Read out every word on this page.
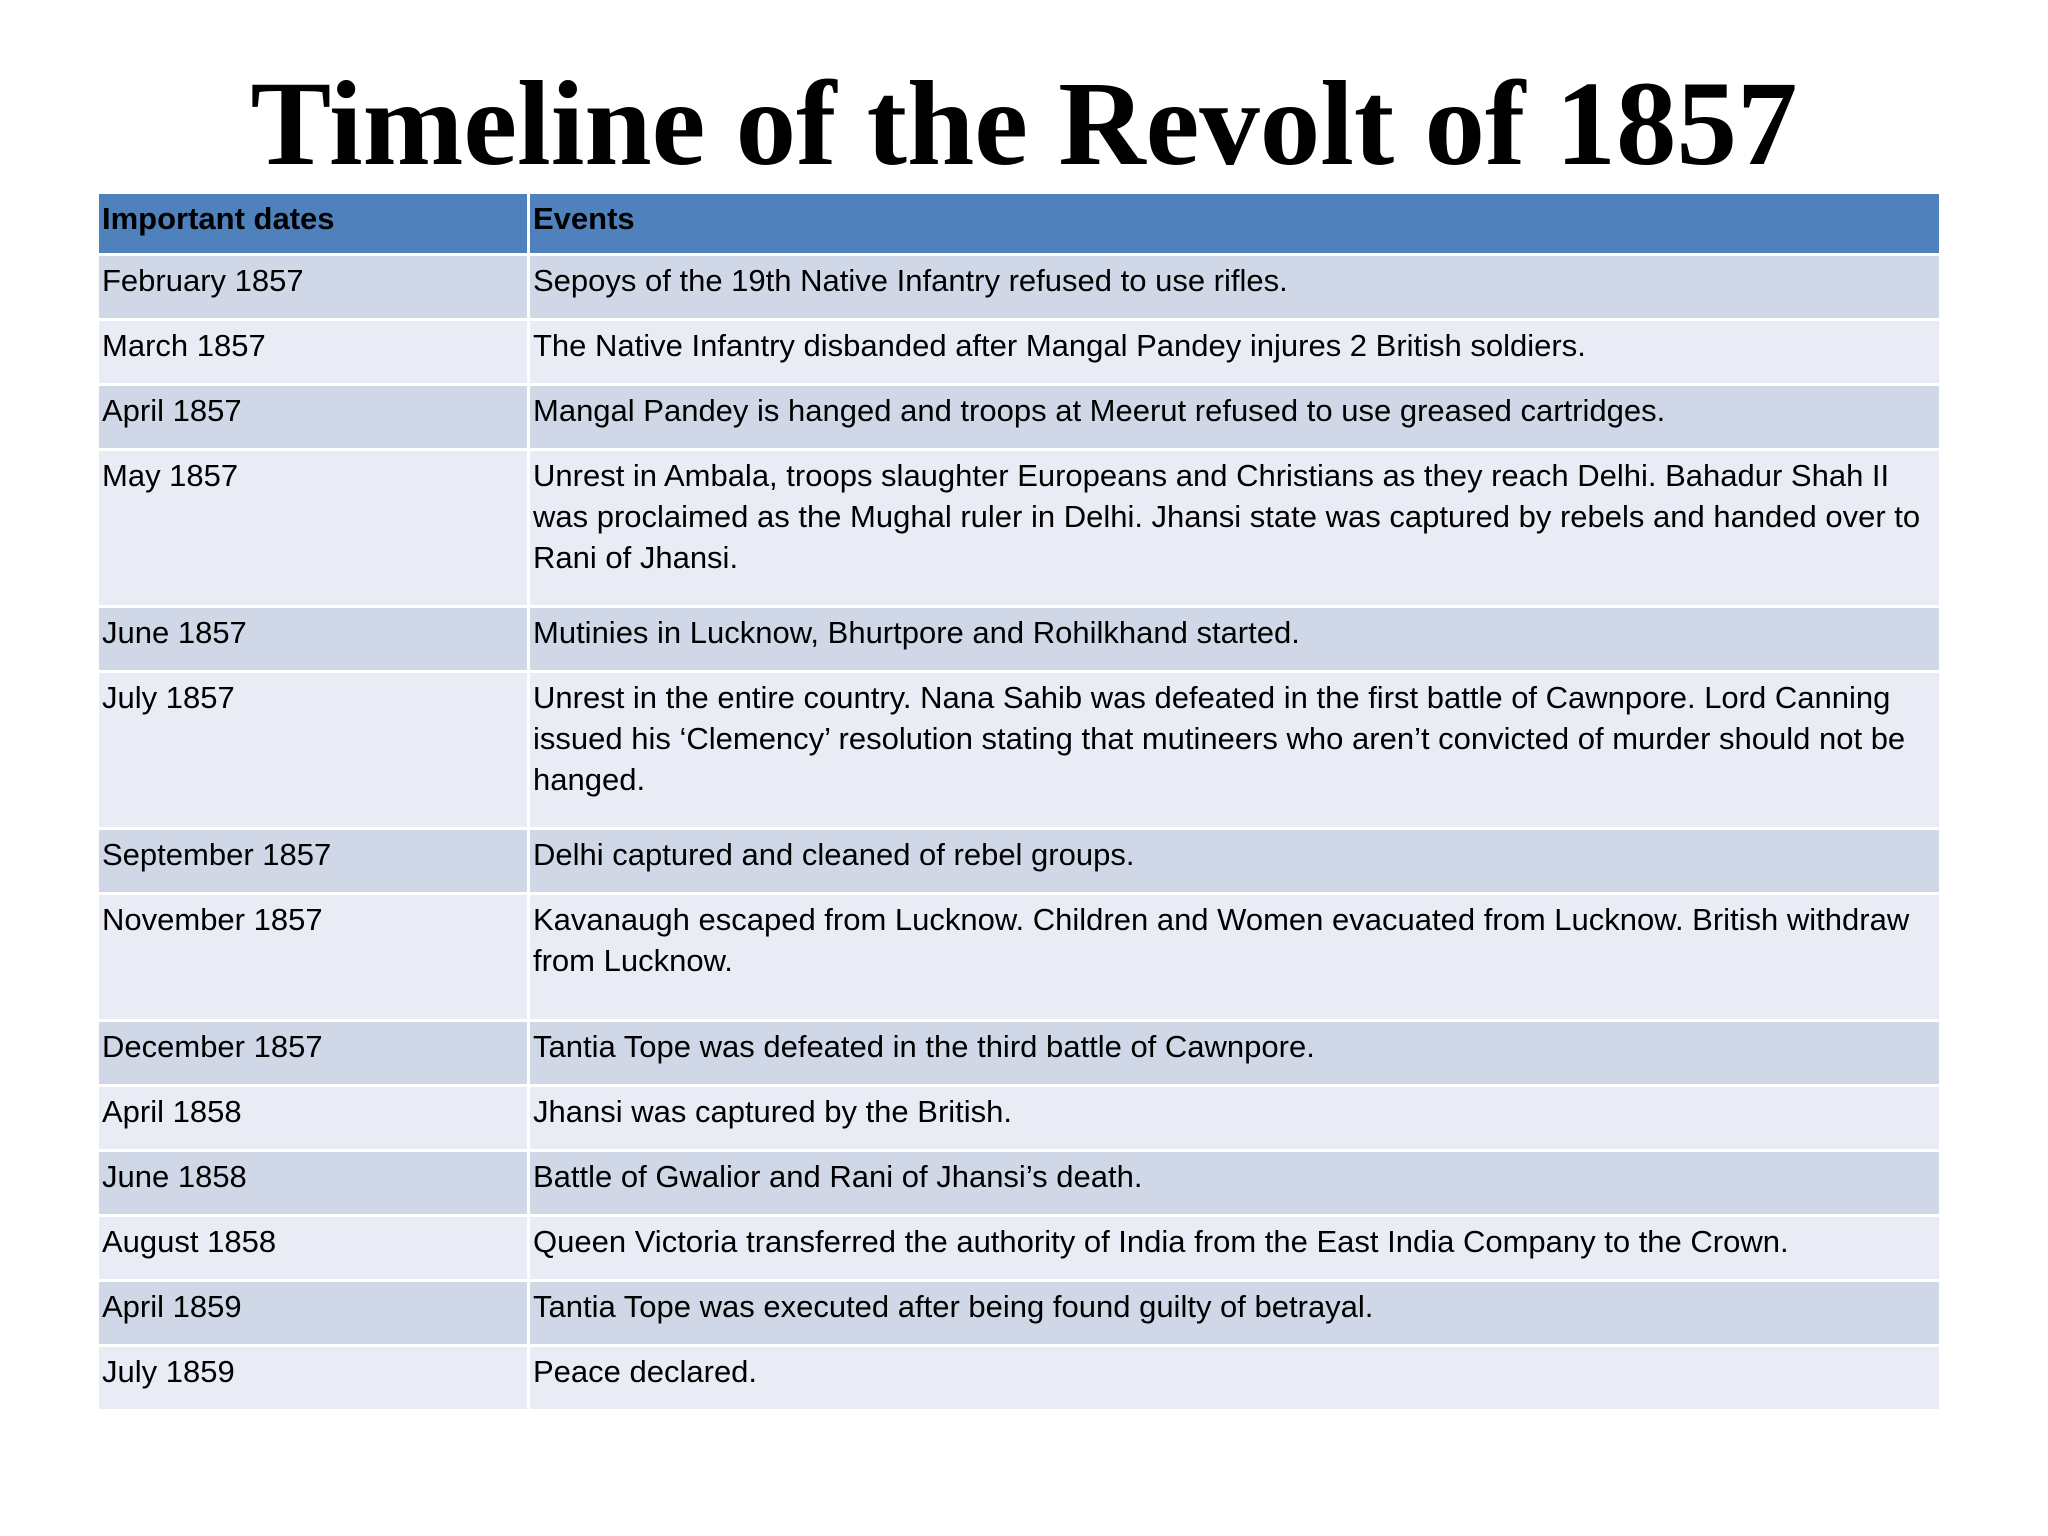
Timeline of the Revolt of 1857
Important dates	Events
February 1857	Sepoys of the 19th Native Infantry refused to use rifles.
March 1857	The Native Infantry disbanded after Mangal Pandey injures 2 British soldiers.
April 1857	Mangal Pandey is hanged and troops at Meerut refused to use greased cartridges.
May 1857	Unrest in Ambala, troops slaughter Europeans and Christians as they reach Delhi. Bahadur Shah II was proclaimed as the Mughal ruler in Delhi. Jhansi state was captured by rebels and handed over to Rani of Jhansi.
June 1857	Mutinies in Lucknow, Bhurtpore and Rohilkhand started.
July 1857	Unrest in the entire country. Nana Sahib was defeated in the first battle of Cawnpore. Lord Canning issued his ‘Clemency’ resolution stating that mutineers who aren’t convicted of murder should not be hanged.
September 1857	Delhi captured and cleaned of rebel groups.
November 1857	Kavanaugh escaped from Lucknow. Children and Women evacuated from Lucknow. British withdraw from Lucknow.
December 1857	Tantia Tope was defeated in the third battle of Cawnpore.
April 1858	Jhansi was captured by the British.
June 1858	Battle of Gwalior and Rani of Jhansi’s death.
August 1858	Queen Victoria transferred the authority of India from the East India Company to the Crown.
April 1859	Tantia Tope was executed after being found guilty of betrayal.
July 1859	Peace declared.
